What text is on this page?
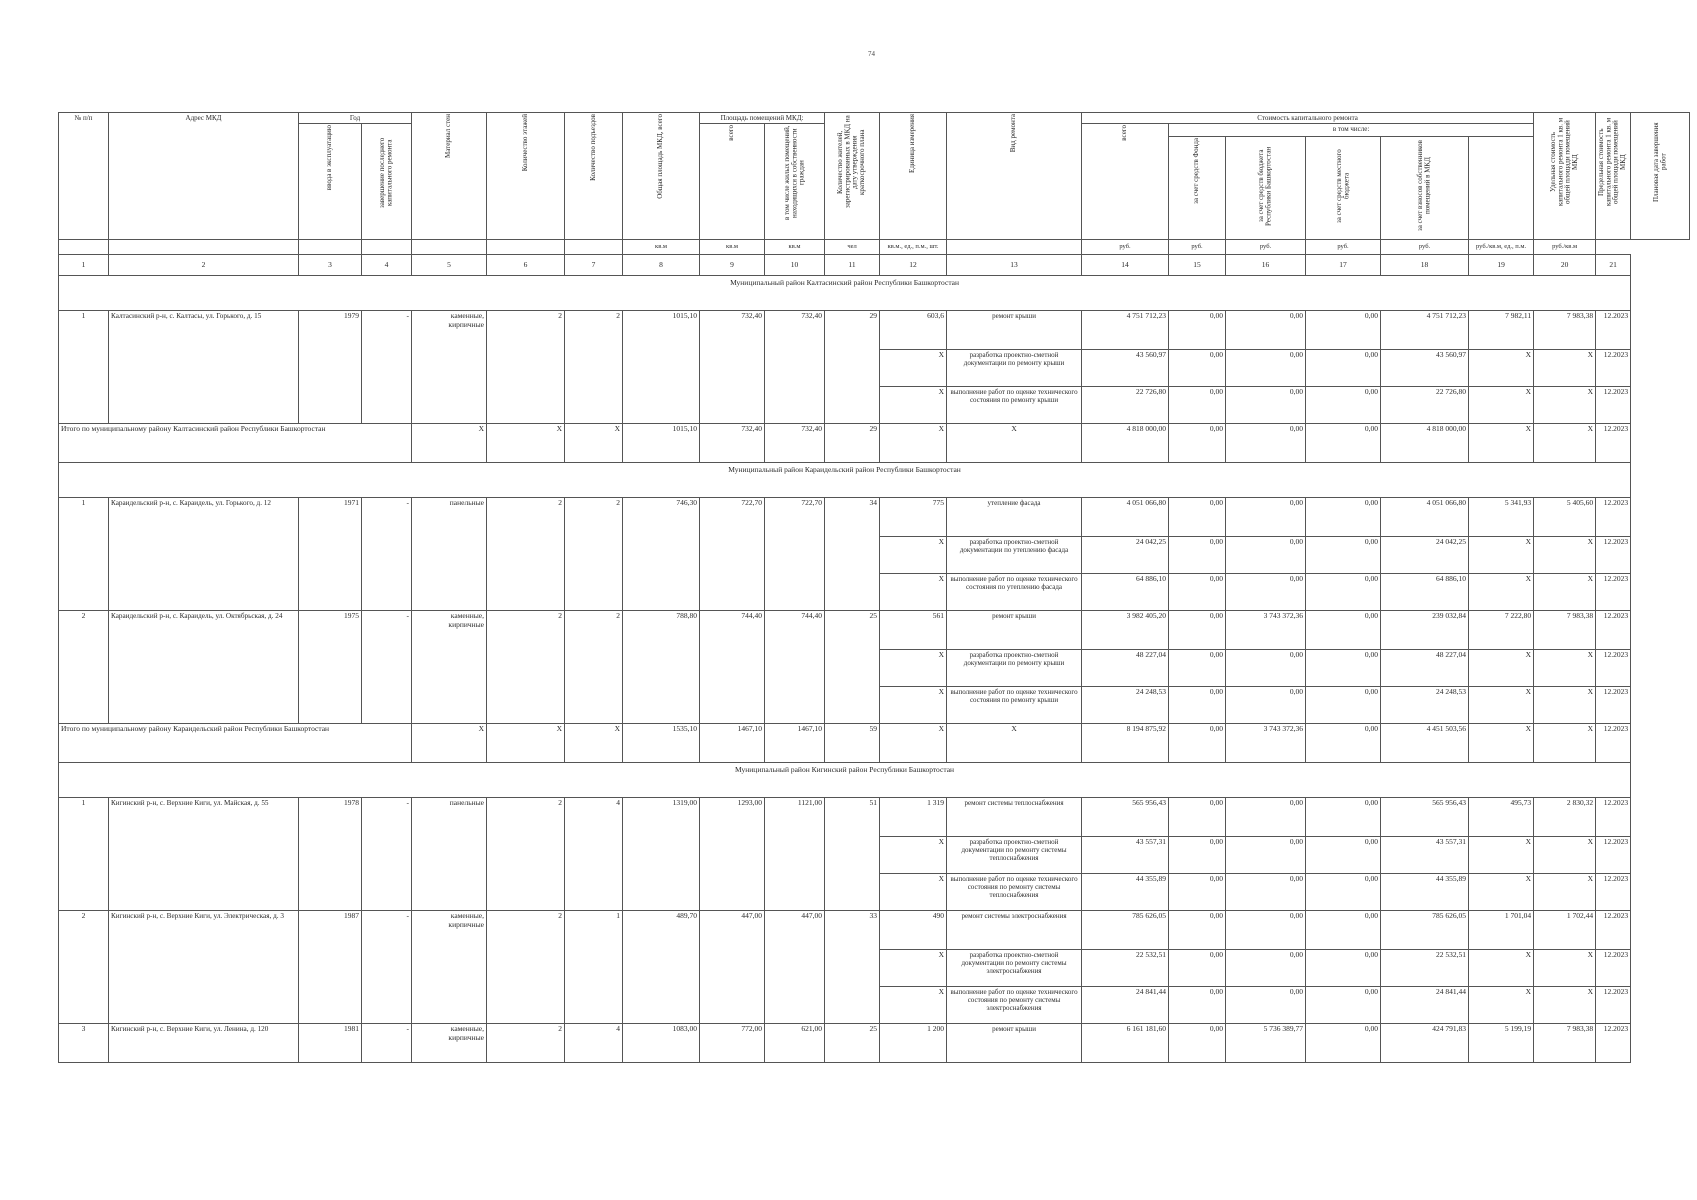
74
№ п/п	Адрес МКД	Год		Материал стен	Количество этажей	Количество подъездов	Общая площадь МКД, всего	Площадь помещений МКД:		Количество жителей, зарегистрированных в МКД на дату утверждения краткосрочного плана	Единица измерения	Вид ремонта	Стоимость капитального ремонта						Удельная стоимость капитального ремонта 1 кв. м общей площади помещений МКД	Предельная стоимость капитального ремонта 1 кв. м общей площади помещений МКД	Плановая дата завершения работ
		ввода в эксплуатацию	завершение последнего капитального ремонта					всего	в том числе жилых помещений, находящихся в собственности граждан				всего	в том числе:							
														за счет средств Фонда	за счет средств бюджета Республики Башкортостан	за счет средств местного бюджета	за счет взносов собственников помещений в МКД				
							кв.м	кв.м	кв.м	чел	кв.м., ед., п.м., шт.		руб.	руб.	руб.	руб.	руб.	руб./кв.м, ед., п.м.	руб./кв.м		
1	2	3	4	5	6	7	8	9	10	11	12	13	14	15	16	17	18	19	20	21	
Муниципальный район Калтасинский район Республики Башкортостан																					
1	Калтасинский р-н, с. Калтасы, ул. Горького, д. 15	1979	-	каменные, кирпичные	2	2	1015,10	732,40	732,40	29	603,6	ремонт крыши	4 751 712,23	0,00	0,00	0,00	4 751 712,23	7 982,11	7 983,38	12.2023	
											X	разработка проектно-сметной документации по ремонту крыши	43 560,97	0,00	0,00	0,00	43 560,97	X	X	12.2023	
											X	выполнение работ по оценке технического состояния по ремонту крыши	22 726,80	0,00	0,00	0,00	22 726,80	X	X	12.2023	
Итого по муниципальному району Калтасинский район Республики Башкортостан				X	X	X	1015,10	732,40	732,40	29	X	X	4 818 000,00	0,00	0,00	0,00	4 818 000,00	X	X	12.2023	
Муниципальный район Караидельский район Республики Башкортостан																					
1	Караидельский р-н, с. Караидель, ул. Горького, д. 12	1971	-	панельные	2	2	746,30	722,70	722,70	34	775	утепление фасада	4 051 066,80	0,00	0,00	0,00	4 051 066,80	5 341,93	5 405,60	12.2023	
											X	разработка проектно-сметной документации по утеплению фасада	24 042,25	0,00	0,00	0,00	24 042,25	X	X	12.2023	
											X	выполнение работ по оценке технического состояния по утеплению фасада	64 886,10	0,00	0,00	0,00	64 886,10	X	X	12.2023	
2	Караидельский р-н, с. Караидель, ул. Октябрьская, д. 24	1975	-	каменные, кирпичные	2	2	788,80	744,40	744,40	25	561	ремонт крыши	3 982 405,20	0,00	3 743 372,36	0,00	239 032,84	7 222,80	7 983,38	12.2023	
											X	разработка проектно-сметной документации по ремонту крыши	48 227,04	0,00	0,00	0,00	48 227,04	X	X	12.2023	
											X	выполнение работ по оценке технического состояния по ремонту крыши	24 248,53	0,00	0,00	0,00	24 248,53	X	X	12.2023	
Итого по муниципальному району Караидельский район Республики Башкортостан				X	X	X	1535,10	1467,10	1467,10	59	X	X	8 194 875,92	0,00	3 743 372,36	0,00	4 451 503,56	X	X	12.2023	
Муниципальный район Кигинский район Республики Башкортостан																					
1	Кигинский р-н, с. Верхние Киги, ул. Майская, д. 55	1978	-	панельные	2	4	1319,00	1293,00	1121,00	51	1 319	ремонт системы теплоснабжения	565 956,43	0,00	0,00	0,00	565 956,43	495,73	2 830,32	12.2023	
											X	разработка проектно-сметной документации по ремонту системы теплоснабжения	43 557,31	0,00	0,00	0,00	43 557,31	X	X	12.2023	
											X	выполнение работ по оценке технического состояния по ремонту системы теплоснабжения	44 355,89	0,00	0,00	0,00	44 355,89	X	X	12.2023	
2	Кигинский р-н, с. Верхние Киги, ул. Электрическая, д. 3	1987	-	каменные, кирпичные	2	1	489,70	447,00	447,00	33	490	ремонт системы электроснабжения	785 626,05	0,00	0,00	0,00	785 626,05	1 701,04	1 702,44	12.2023	
											X	разработка проектно-сметной документации по ремонту системы электроснабжения	22 532,51	0,00	0,00	0,00	22 532,51	X	X	12.2023	
											X	выполнение работ по оценке технического состояния по ремонту системы электроснабжения	24 841,44	0,00	0,00	0,00	24 841,44	X	X	12.2023	
3	Кигинский р-н, с. Верхние Киги, ул. Ленина, д. 120	1981	-	каменные, кирпичные	2	4	1083,00	772,00	621,00	25	1 200	ремонт крыши	6 161 181,60	0,00	5 736 389,77	0,00	424 791,83	5 199,19	7 983,38	12.2023	
